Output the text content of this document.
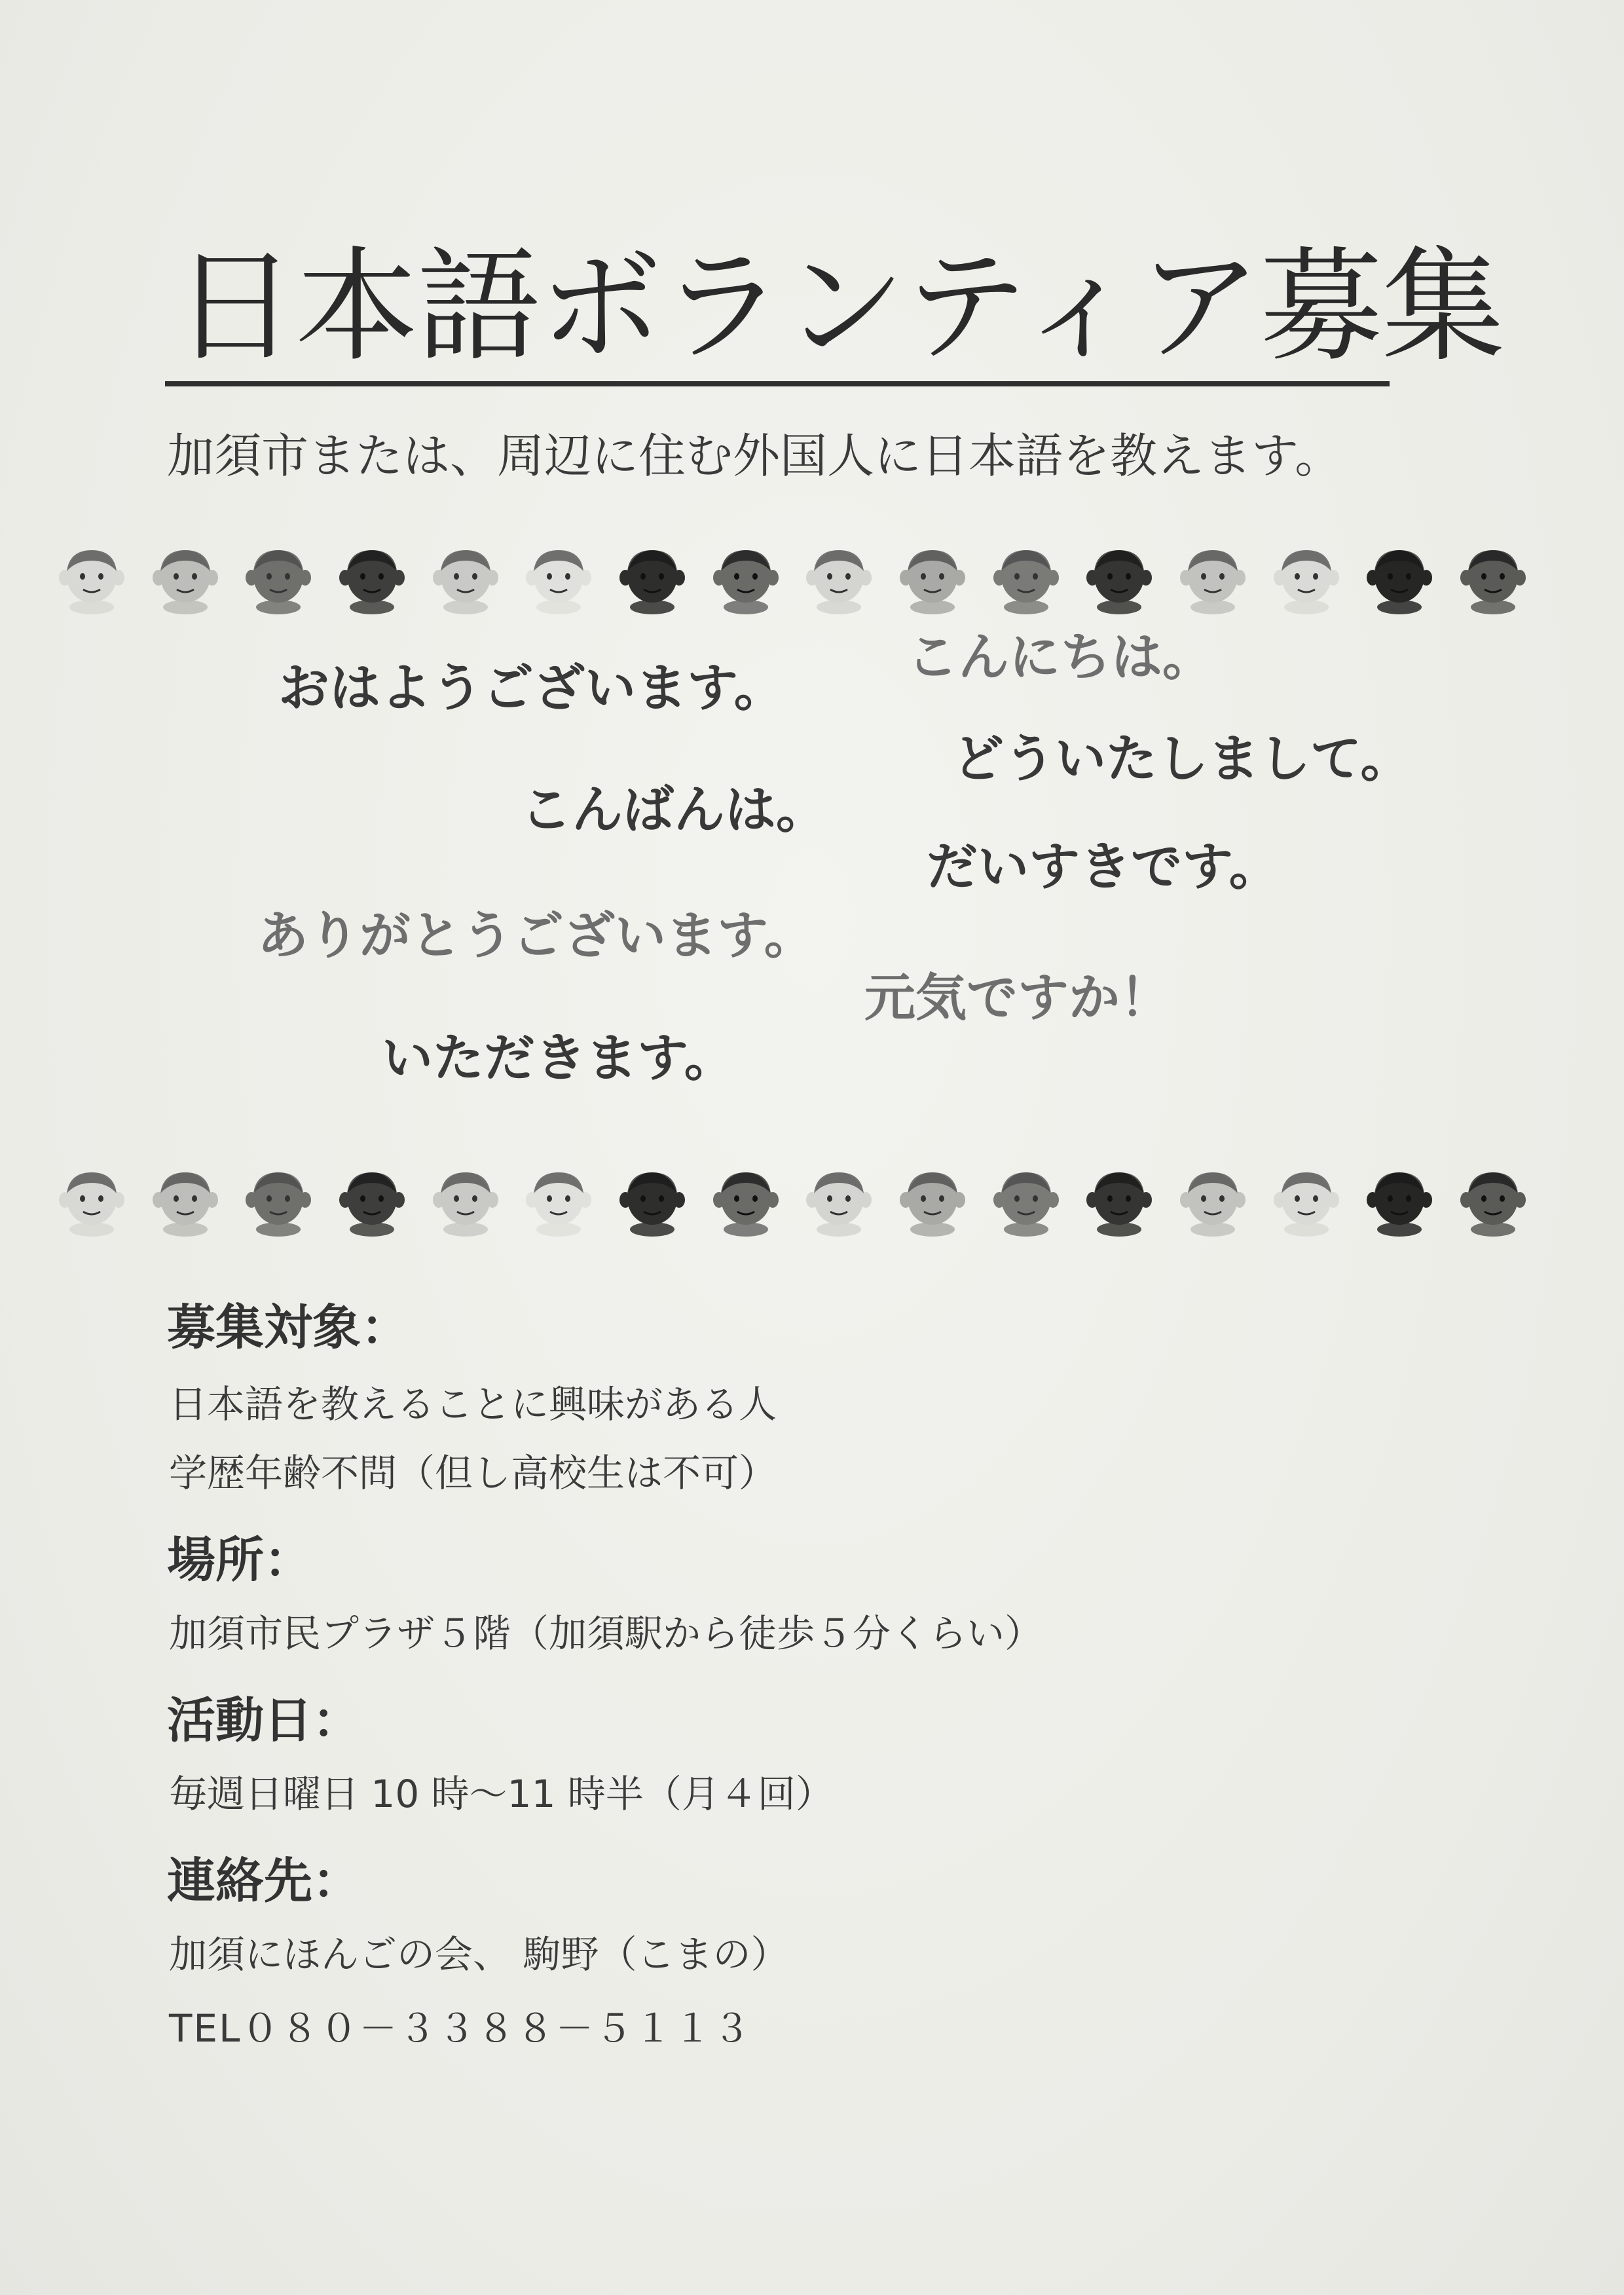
日本語ボランティア募集
加須市または、周辺に住む外国人に日本語を教えます。
おはようございます。
こんにちは。
どういたしまして。
こんばんは。
だいすきです。
ありがとうございます。
元気ですか！
いただきます。
募集対象：
日本語を教えることに興味がある人
学歴年齢不問（但し高校生は不可）
場所：
加須市民プラザ５階（加須駅から徒歩５分くらい）
活動日：
毎週日曜日 10 時～11 時半（月４回）
連絡先：
加須にほんごの会、 駒野（こまの）
TEL０８０－３３８８－５１１３
